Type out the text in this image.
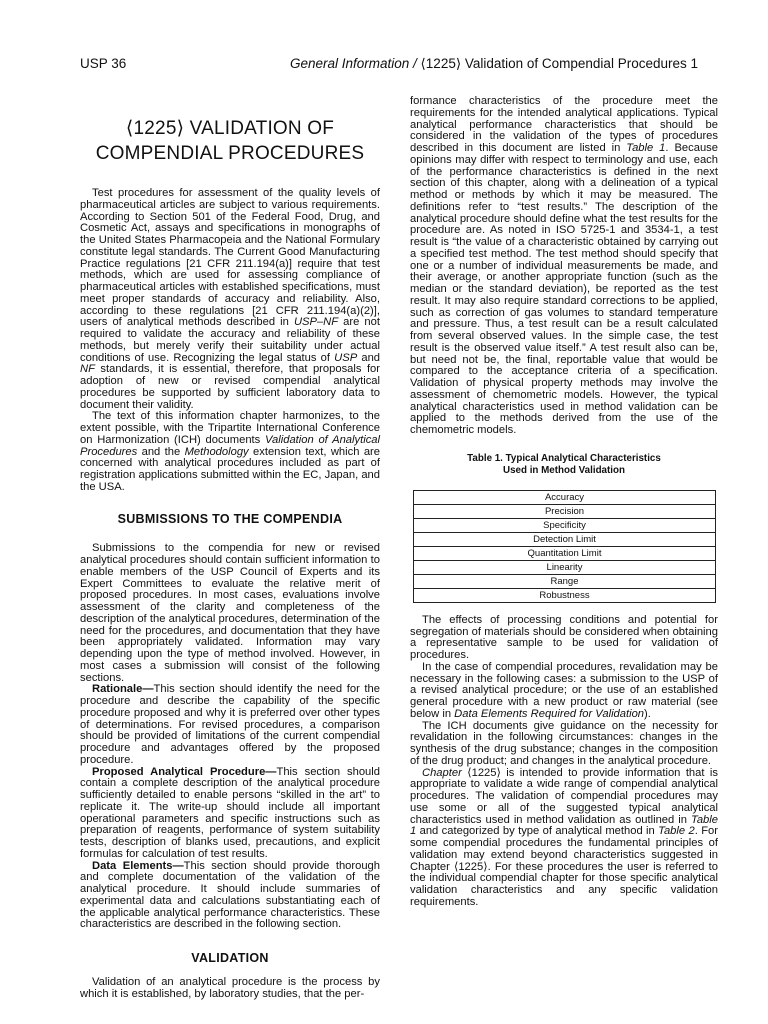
USP 36	General Information / ⟨1225⟩ Validation of Compendial Procedures 1
⟨1225⟩ VALIDATION OF
COMPENDIAL PROCEDURES

Test procedures for assessment of the quality levels of pharmaceutical articles are subject to various requirements. According to Section 501 of the Federal Food, Drug, and Cosmetic Act, assays and specifications in monographs of the United States Pharmacopeia and the National Formulary constitute legal standards. The Current Good Manufacturing Practice regulations [21 CFR 211.194(a)] require that test methods, which are used for assessing compliance of pharmaceutical articles with established specifications, must meet proper standards of accuracy and reliability. Also, according to these regulations [21 CFR 211.194(a)(2)], users of analytical methods described in USP–NF are not required to validate the accuracy and reliability of these methods, but merely verify their suitability under actual conditions of use. Recognizing the legal status of USP and NF standards, it is essential, therefore, that proposals for adoption of new or revised compendial analytical procedures be supported by sufficient laboratory data to document their validity.

The text of this information chapter harmonizes, to the extent possible, with the Tripartite International Conference on Harmonization (ICH) documents Validation of Analytical Procedures and the Methodology extension text, which are concerned with analytical procedures included as part of registration applications submitted within the EC, Japan, and the USA.

SUBMISSIONS TO THE COMPENDIA

Submissions to the compendia for new or revised analytical procedures should contain sufficient information to enable members of the USP Council of Experts and its Expert Committees to evaluate the relative merit of proposed procedures. In most cases, evaluations involve assessment of the clarity and completeness of the description of the analytical procedures, determination of the need for the procedures, and documentation that they have been appropriately validated. Information may vary depending upon the type of method involved. However, in most cases a submission will consist of the following sections.

Rationale—This section should identify the need for the procedure and describe the capability of the specific procedure proposed and why it is preferred over other types of determinations. For revised procedures, a comparison should be provided of limitations of the current compendial procedure and advantages offered by the proposed procedure.

Proposed Analytical Procedure—This section should contain a complete description of the analytical procedure sufficiently detailed to enable persons “skilled in the art” to replicate it. The write-up should include all important operational parameters and specific instructions such as preparation of reagents, performance of system suitability tests, description of blanks used, precautions, and explicit formulas for calculation of test results.

Data Elements—This section should provide thorough and complete documentation of the validation of the analytical procedure. It should include summaries of experimental data and calculations substantiating each of the applicable analytical performance characteristics. These characteristics are described in the following section.

VALIDATION

Validation of an analytical procedure is the process by which it is established, by laboratory studies, that the per-

formance characteristics of the procedure meet the requirements for the intended analytical applications. Typical analytical performance characteristics that should be considered in the validation of the types of procedures described in this document are listed in Table 1. Because opinions may differ with respect to terminology and use, each of the performance characteristics is defined in the next section of this chapter, along with a delineation of a typical method or methods by which it may be measured. The definitions refer to “test results.” The description of the analytical procedure should define what the test results for the procedure are. As noted in ISO 5725-1 and 3534-1, a test result is “the value of a characteristic obtained by carrying out a specified test method. The test method should specify that one or a number of individual measurements be made, and their average, or another appropriate function (such as the median or the standard deviation), be reported as the test result. It may also require standard corrections to be applied, such as correction of gas volumes to standard temperature and pressure. Thus, a test result can be a result calculated from several observed values. In the simple case, the test result is the observed value itself.” A test result also can be, but need not be, the final, reportable value that would be compared to the acceptance criteria of a specification. Validation of physical property methods may involve the assessment of chemometric models. However, the typical analytical characteristics used in method validation can be applied to the methods derived from the use of the chemometric models.

Table 1. Typical Analytical Characteristics
Used in Method Validation
Accuracy
Precision
Specificity
Detection Limit
Quantitation Limit
Linearity
Range
Robustness

The effects of processing conditions and potential for segregation of materials should be considered when obtaining a representative sample to be used for validation of procedures.

In the case of compendial procedures, revalidation may be necessary in the following cases: a submission to the USP of a revised analytical procedure; or the use of an established general procedure with a new product or raw material (see below in Data Elements Required for Validation).

The ICH documents give guidance on the necessity for revalidation in the following circumstances: changes in the synthesis of the drug substance; changes in the composition of the drug product; and changes in the analytical procedure.

Chapter ⟨1225⟩ is intended to provide information that is appropriate to validate a wide range of compendial analytical procedures. The validation of compendial procedures may use some or all of the suggested typical analytical characteristics used in method validation as outlined in Table 1 and categorized by type of analytical method in Table 2. For some compendial procedures the fundamental principles of validation may extend beyond characteristics suggested in Chapter ⟨1225⟩. For these procedures the user is referred to the individual compendial chapter for those specific analytical validation characteristics and any specific validation requirements.
